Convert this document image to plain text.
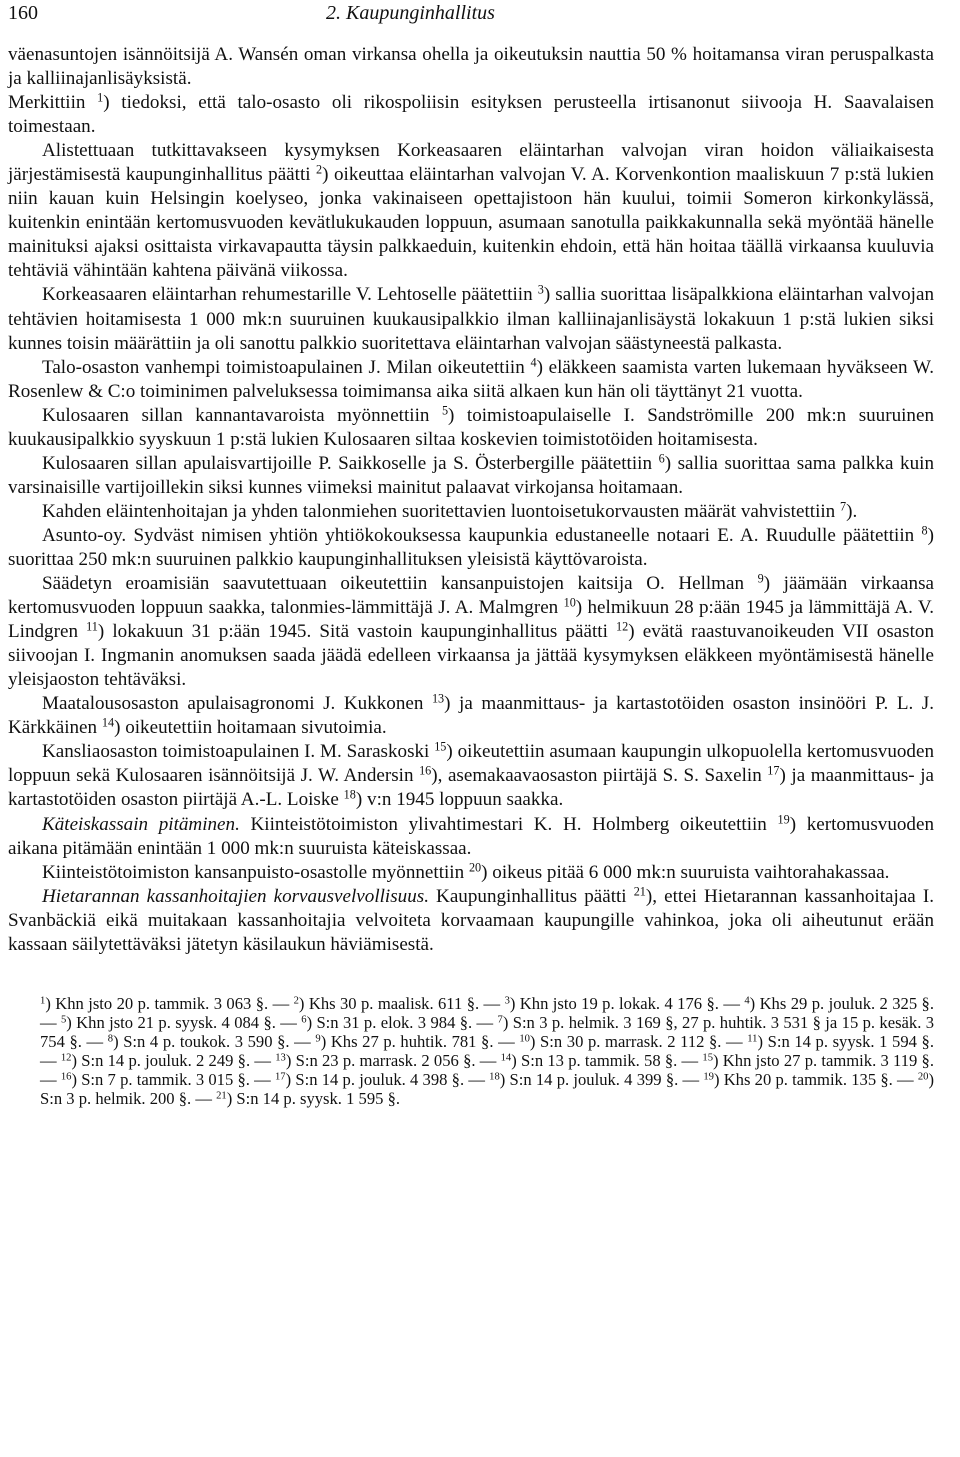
160	2. Kaupunginhallitus

väenasuntojen isännöitsijä A. Wansén oman virkansa ohella ja oikeutuksin nauttia 50 % hoitamansa viran peruspalkasta ja kalliinajanlisäyksistä.

Merkittiin $^1$) tiedoksi, että talo-osasto oli rikospoliisin esityksen perusteella irtisanonut siivooja H. Saavalaisen toimestaan.

Alistettuaan tutkittavakseen kysymyksen Korkeasaaren eläintarhan valvojan viran hoidon väliaikaisesta järjestämisestä kaupunginhallitus päätti $^2$) oikeuttaa eläintarhan valvojan V. A. Korvenkontion maaliskuun 7 p:stä lukien niin kauan kuin Helsingin koelyseo, jonka vakinaiseen opettajistoon hän kuului, toimii Someron kirkonkylässä, kuitenkin enintään kertomusvuoden kevätlukukauden loppuun, asumaan sanotulla paikkakunnalla sekä myöntää hänelle mainituksi ajaksi osittaista virkavapautta täysin palkkaeduin, kuitenkin ehdoin, että hän hoitaa täällä virkaansa kuuluvia tehtäviä vähintään kahtena päivänä viikossa.

Korkeasaaren eläintarhan rehumestarille V. Lehtoselle päätettiin $^3$) sallia suorittaa lisäpalkkiona eläintarhan valvojan tehtävien hoitamisesta 1 000 mk:n suuruinen kuukausipalkkio ilman kalliinajanlisäystä lokakuun 1 p:stä lukien siksi kunnes toisin määrättiin ja oli sanottu palkkio suoritettava eläintarhan valvojan säästyneestä palkasta.

Talo-osaston vanhempi toimistoapulainen J. Milan oikeutettiin $^4$) eläkkeen saamista varten lukemaan hyväkseen W. Rosenlew & C:o toiminimen palveluksessa toimimansa aika siitä alkaen kun hän oli täyttänyt 21 vuotta.

Kulosaaren sillan kannantavaroista myönnettiin $^5$) toimistoapulaiselle I. Sandströmille 200 mk:n suuruinen kuukausipalkkio syyskuun 1 p:stä lukien Kulosaaren siltaa koskevien toimistotöiden hoitamisesta.

Kulosaaren sillan apulaisvartijoille P. Saikkoselle ja S. Österbergille päätettiin $^6$) sallia suorittaa sama palkka kuin varsinaisille vartijoillekin siksi kunnes viimeksi mainitut palaavat virkojansa hoitamaan.

Kahden eläintenhoitajan ja yhden talonmiehen suoritettavien luontoisetukorvausten määrät vahvistettiin $^7$).

Asunto-oy. Sydväst nimisen yhtiön yhtiökokouksessa kaupunkia edustaneelle notaari E. A. Ruudulle päätettiin $^8$) suorittaa 250 mk:n suuruinen palkkio kaupunginhallituksen yleisistä käyttövaroista.

Säädetyn eroamisiän saavutettuaan oikeutettiin kansanpuistojen kaitsija O. Hellman $^9$) jäämään virkaansa kertomusvuoden loppuun saakka, talonmies-lämmittäjä J. A. Malmgren $^{10}$) helmikuun 28 p:ään 1945 ja lämmittäjä A. V. Lindgren $^{11}$) lokakuun 31 p:ään 1945. Sitä vastoin kaupunginhallitus päätti $^{12}$) evätä raastuvanoikeuden VII osaston siivoojan I. Ingmanin anomuksen saada jäädä edelleen virkaansa ja jättää kysymyksen eläkkeen myöntämisestä hänelle yleisjaoston tehtäväksi.

Maatalousosaston apulaisagronomi J. Kukkonen $^{13}$) ja maanmittaus- ja kartastotöiden osaston insinööri P. L. J. Kärkkäinen $^{14}$) oikeutettiin hoitamaan sivutoimia.

Kansliaosaston toimistoapulainen I. M. Saraskoski $^{15}$) oikeutettiin asumaan kaupungin ulkopuolella kertomusvuoden loppuun sekä Kulosaaren isännöitsijä J. W. Andersin $^{16}$), asemakaavaosaston piirtäjä S. S. Saxelin $^{17}$) ja maanmittaus- ja kartastotöiden osaston piirtäjä A.-L. Loiske $^{18}$) v:n 1945 loppuun saakka.

Käteiskassain pitäminen. Kiinteistötoimiston ylivahtimestari K. H. Holmberg oikeutettiin $^{19}$) kertomusvuoden aikana pitämään enintään 1 000 mk:n suuruista käteiskassaa.

Kiinteistötoimiston kansanpuisto-osastolle myönnettiin $^{20}$) oikeus pitää 6 000 mk:n suuruista vaihtorahakassaa.

Hietarannan kassanhoitajien korvausvelvollisuus. Kaupunginhallitus päätti $^{21}$), ettei Hietarannan kassanhoitajaa I. Svanbäckiä eikä muitakaan kassanhoitajia velvoiteta korvaamaan kaupungille vahinkoa, joka oli aiheutunut erään kassaan säilytettäväksi jätetyn käsilaukun häviämisestä.

$^1$) Khn jsto 20 p. tammik. 3 063 §. — $^2$) Khs 30 p. maalisk. 611 §. — $^3$) Khn jsto 19 p. lokak. 4 176 §. — $^4$) Khs 29 p. jouluk. 2 325 §. — $^5$) Khn jsto 21 p. syysk. 4 084 §. — $^6$) S:n 31 p. elok. 3 984 §. — $^7$) S:n 3 p. helmik. 3 169 §, 27 p. huhtik. 3 531 § ja 15 p. kesäk. 3 754 §. — $^8$) S:n 4 p. toukok. 3 590 §. — $^9$) Khs 27 p. huhtik. 781 §. — $^{10}$) S:n 30 p. marrask. 2 112 §. — $^{11}$) S:n 14 p. syysk. 1 594 §. — $^{12}$) S:n 14 p. jouluk. 2 249 §. — $^{13}$) S:n 23 p. marrask. 2 056 §. — $^{14}$) S:n 13 p. tammik. 58 §. — $^{15}$) Khn jsto 27 p. tammik. 3 119 §. — $^{16}$) S:n 7 p. tammik. 3 015 §. — $^{17}$) S:n 14 p. jouluk. 4 398 §. — $^{18}$) S:n 14 p. jouluk. 4 399 §. — $^{19}$) Khs 20 p. tammik. 135 §. — $^{20}$) S:n 3 p. helmik. 200 §. — $^{21}$) S:n 14 p. syysk. 1 595 §.
